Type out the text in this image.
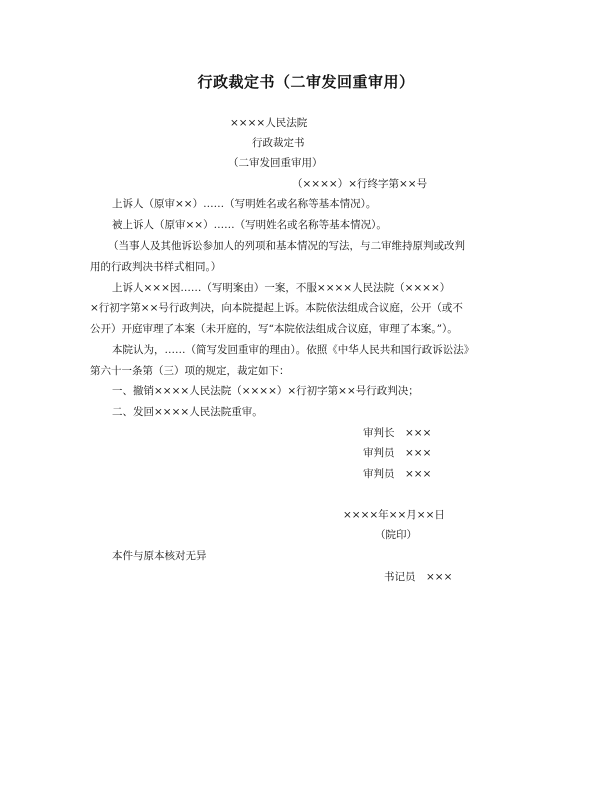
行政裁定书（二审发回重审用）
××××人民法院
行政裁定书
（二审发回重审用）
（××××）×行终字第××号
上诉人（原审××）……（写明姓名或名称等基本情况）。
被上诉人（原审××）……（写明姓名或名称等基本情况）。
（当事人及其他诉讼参加人的列项和基本情况的写法，与二审维持原判或改判
用的行政判决书样式相同。）
上诉人×××因……（写明案由）一案，不服××××人民法院（××××）
×行初字第××号行政判决，向本院提起上诉。本院依法组成合议庭，公开（或不
公开）开庭审理了本案（未开庭的，写“本院依法组成合议庭，审理了本案。”）。
本院认为，……（简写发回重审的理由）。依照《中华人民共和国行政诉讼法》
第六十一条第（三）项的规定，裁定如下：
一、撤销××××人民法院（××××）×行初字第××号行政判决；
二、发回××××人民法院重审。
审判长　×××
审判员　×××
审判员　×××
××××年××月××日
（院印）
本件与原本核对无异
书记员　×××
